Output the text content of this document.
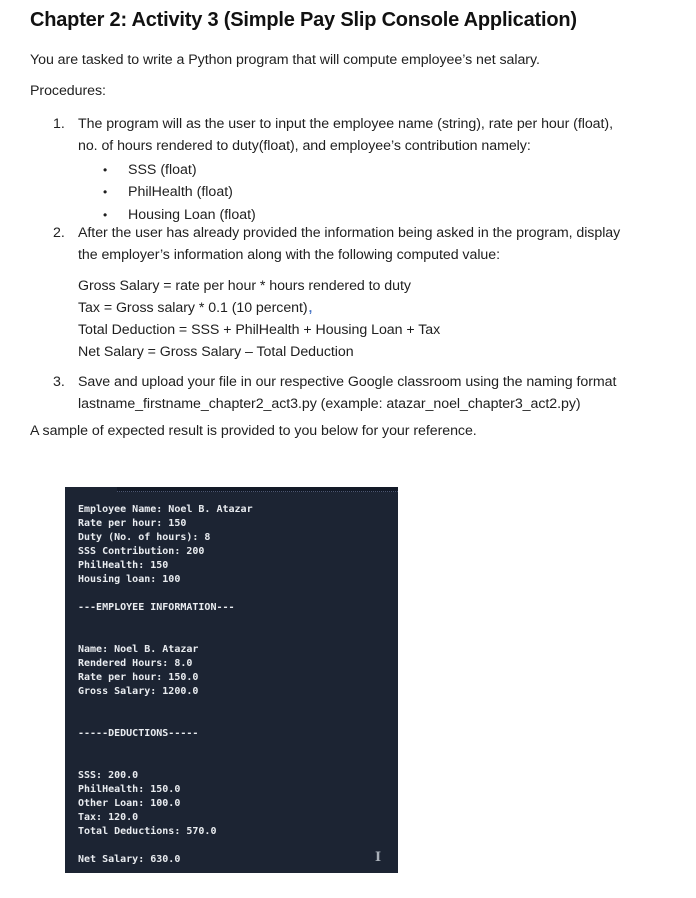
Chapter 2: Activity 3 (Simple Pay Slip Console Application)
You are tasked to write a Python program that will compute employee’s net salary.
Procedures:
1. The program will as the user to input the employee name (string), rate per hour (float),
no. of hours rendered to duty(float), and employee’s contribution namely:
• SSS (float)
• PhilHealth (float)
• Housing Loan (float)
2. After the user has already provided the information being asked in the program, display
the employer’s information along with the following computed value:
Gross Salary = rate per hour * hours rendered to duty
Tax = Gross salary * 0.1 (10 percent),
Total Deduction = SSS + PhilHealth + Housing Loan + Tax
Net Salary = Gross Salary – Total Deduction
3. Save and upload your file in our respective Google classroom using the naming format
lastname_firstname_chapter2_act3.py (example: atazar_noel_chapter3_act2.py)
A sample of expected result is provided to you below for your reference.
Employee Name: Noel B. Atazar
Rate per hour: 150
Duty (No. of hours): 8
SSS Contribution: 200
PhilHealth: 150
Housing loan: 100
---EMPLOYEE INFORMATION---
Name: Noel B. Atazar
Rendered Hours: 8.0
Rate per hour: 150.0
Gross Salary: 1200.0
-----DEDUCTIONS-----
SSS: 200.0
PhilHealth: 150.0
Other Loan: 100.0
Tax: 120.0
Total Deductions: 570.0
Net Salary: 630.0	I
